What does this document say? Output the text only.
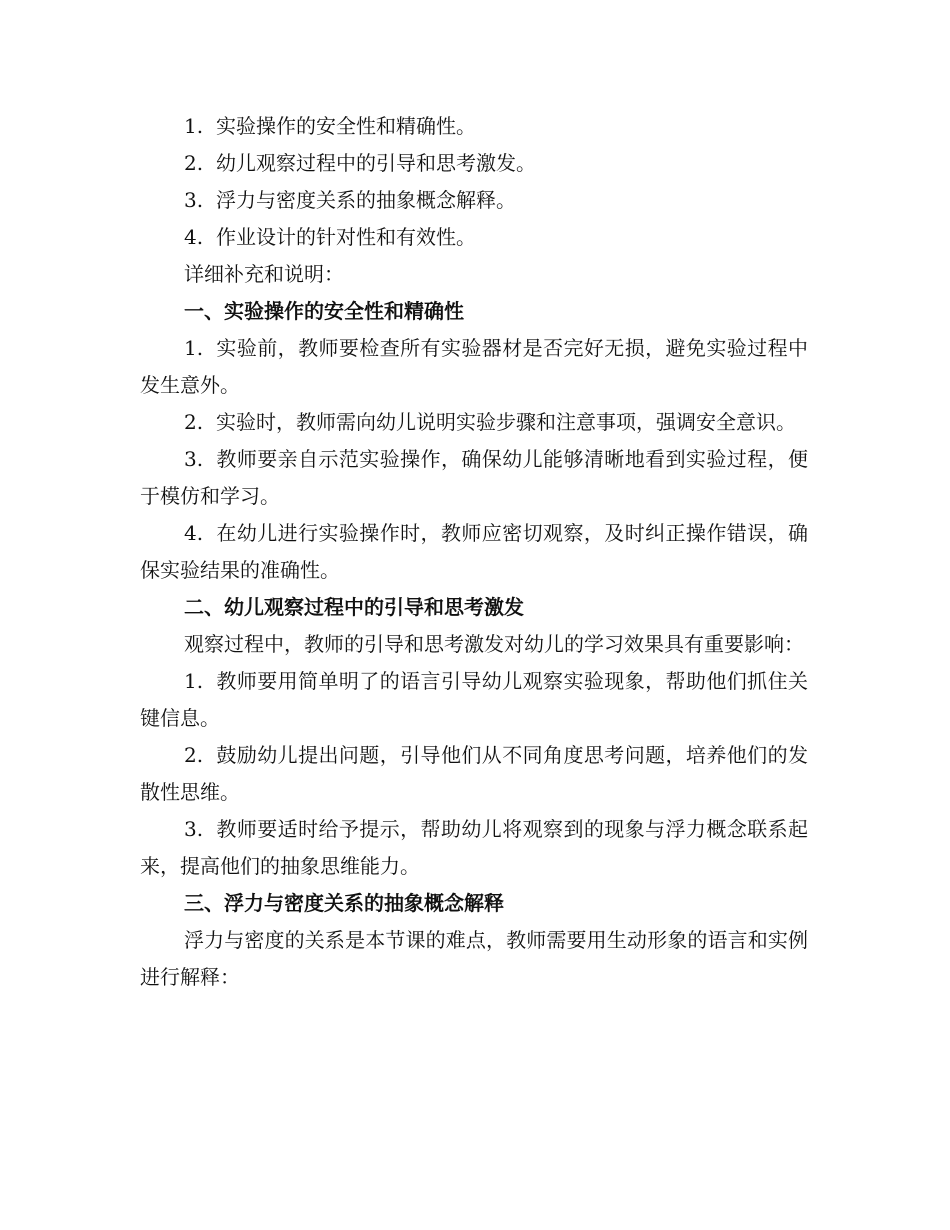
1. 实验操作的安全性和精确性。

2. 幼儿观察过程中的引导和思考激发。

3. 浮力与密度关系的抽象概念解释。

4. 作业设计的针对性和有效性。

详细补充和说明：

一、实验操作的安全性和精确性

1. 实验前，教师要检查所有实验器材是否完好无损，避免实验过程中发生意外。

2. 实验时，教师需向幼儿说明实验步骤和注意事项，强调安全意识。

3. 教师要亲自示范实验操作，确保幼儿能够清晰地看到实验过程，便于模仿和学习。

4. 在幼儿进行实验操作时，教师应密切观察，及时纠正操作错误，确保实验结果的准确性。

二、幼儿观察过程中的引导和思考激发

观察过程中，教师的引导和思考激发对幼儿的学习效果具有重要影响：

1. 教师要用简单明了的语言引导幼儿观察实验现象，帮助他们抓住关键信息。

2. 鼓励幼儿提出问题，引导他们从不同角度思考问题，培养他们的发散性思维。

3. 教师要适时给予提示，帮助幼儿将观察到的现象与浮力概念联系起来，提高他们的抽象思维能力。

三、浮力与密度关系的抽象概念解释

浮力与密度的关系是本节课的难点，教师需要用生动形象的语言和实例进行解释：
